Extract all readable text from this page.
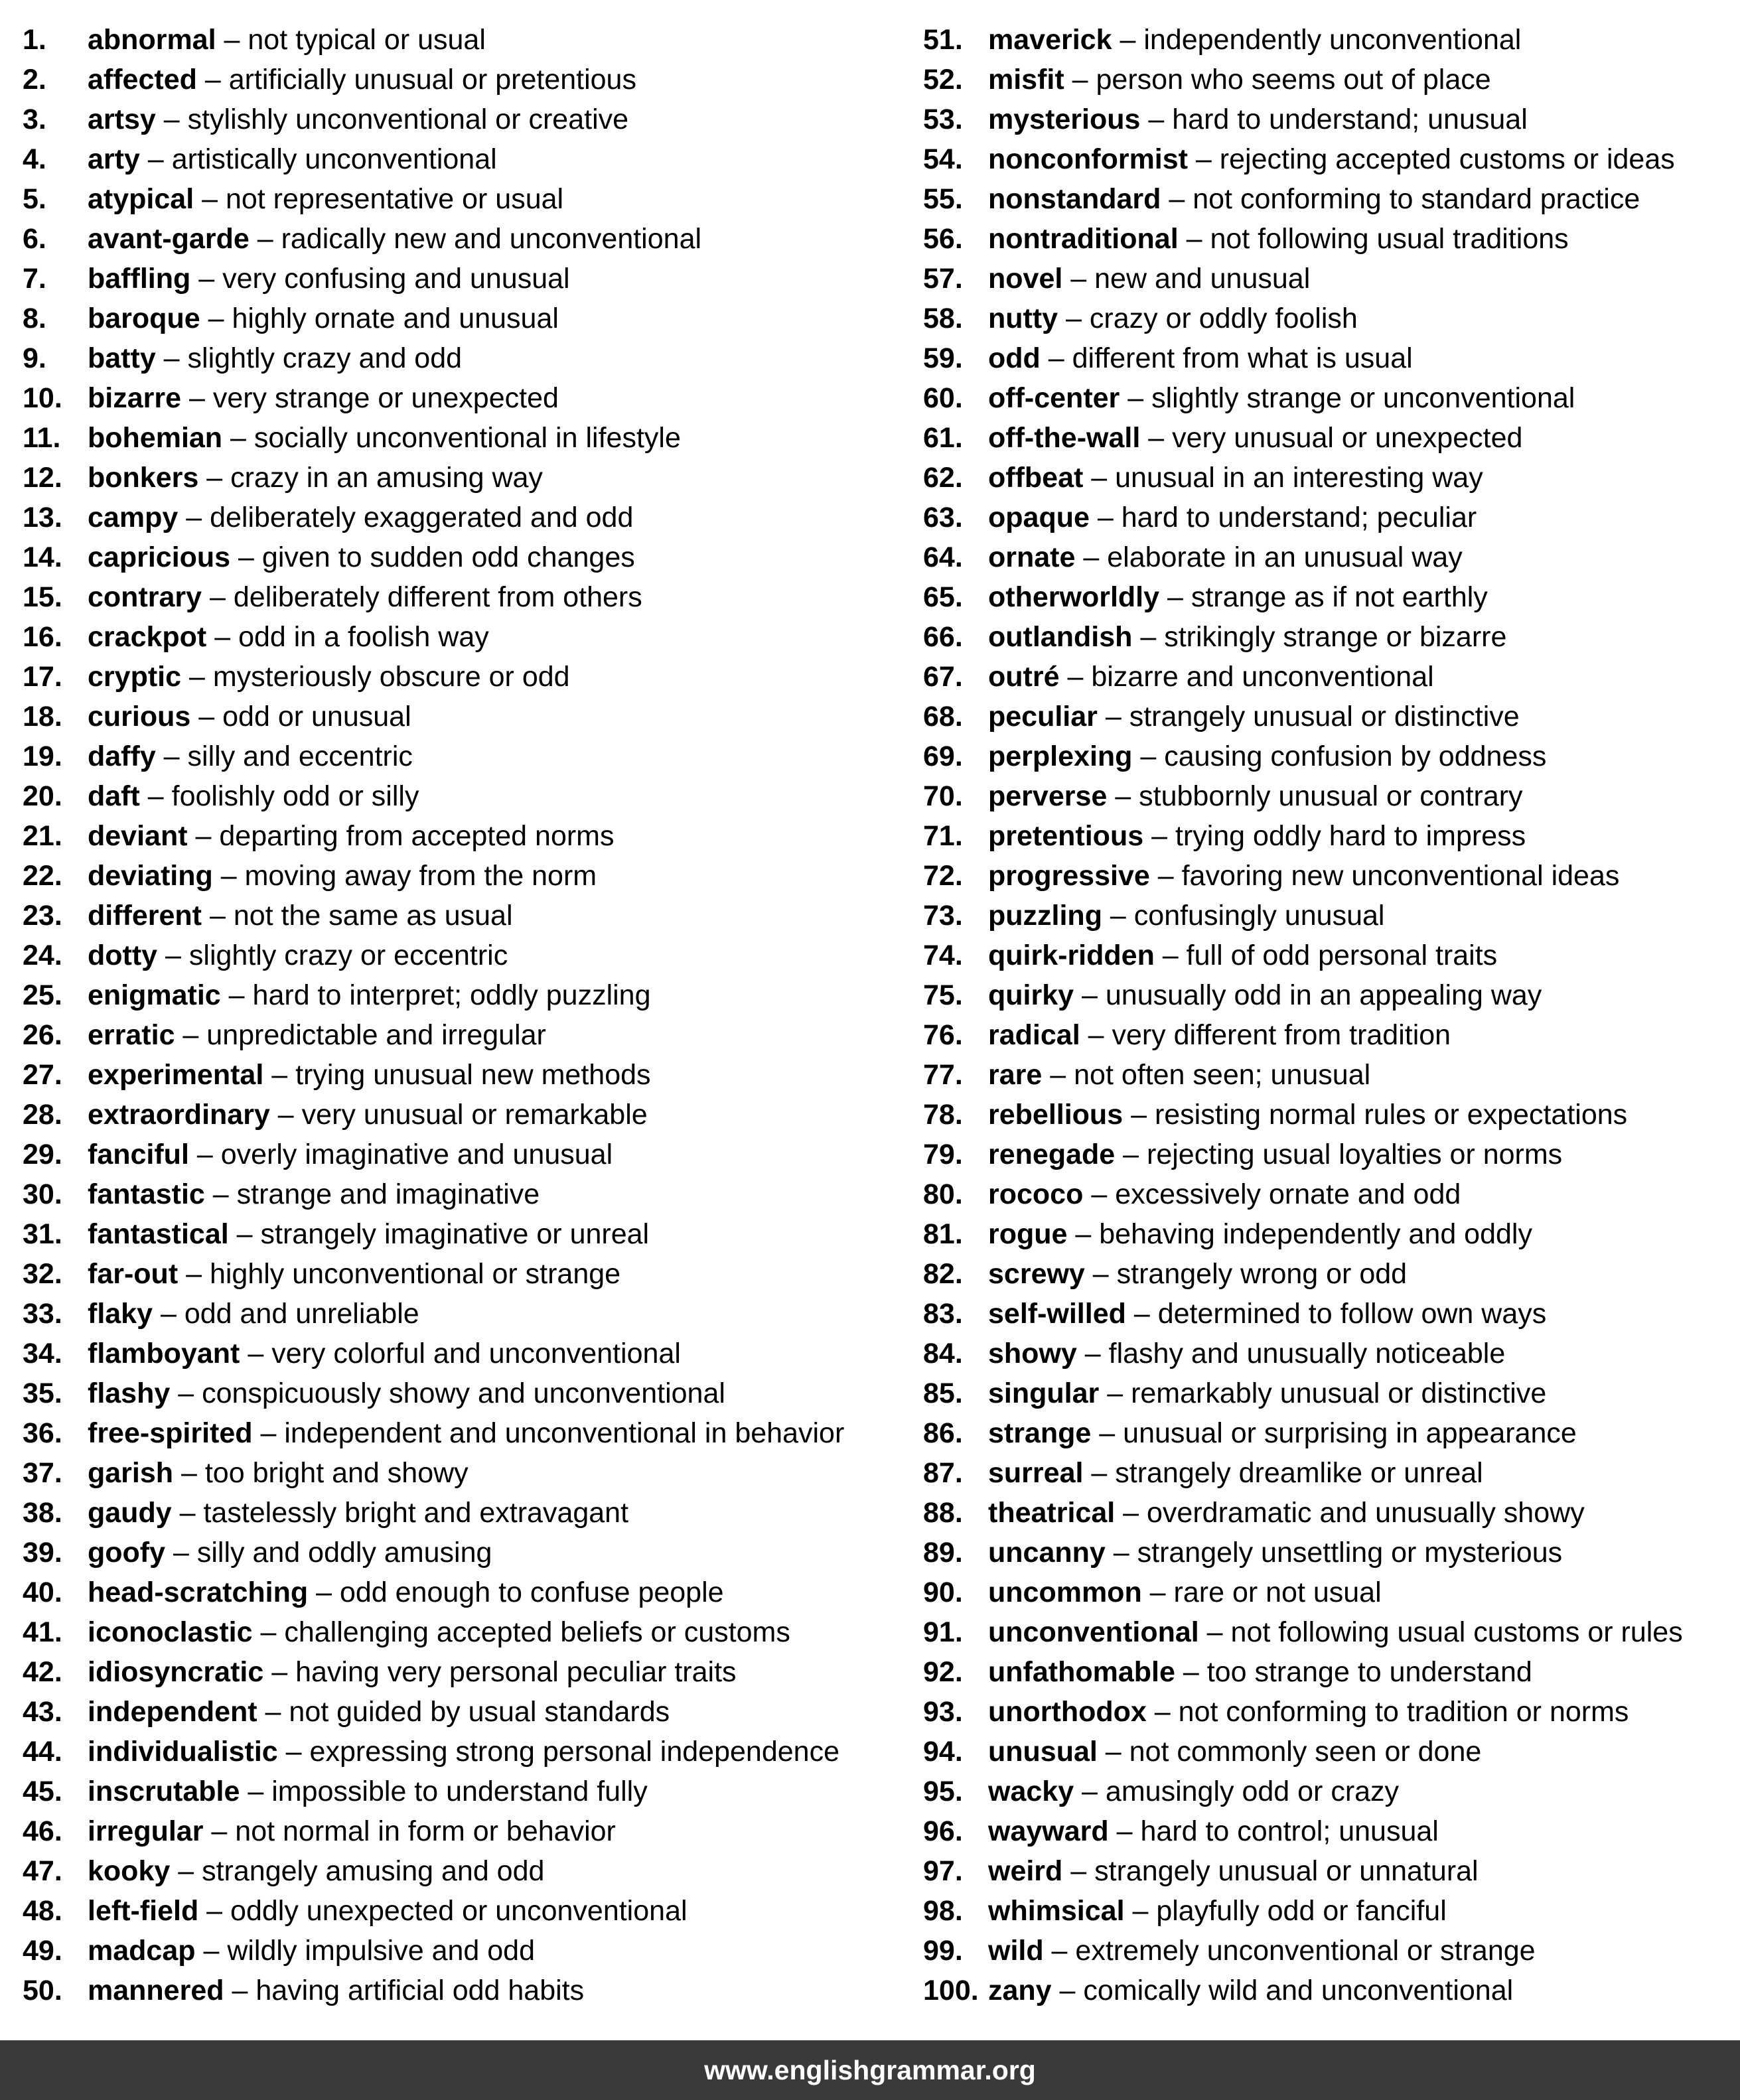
1.	abnormal – not typical or usual
2.	affected – artificially unusual or pretentious
3.	artsy – stylishly unconventional or creative
4.	arty – artistically unconventional
5.	atypical – not representative or usual
6.	avant-garde – radically new and unconventional
7.	baffling – very confusing and unusual
8.	baroque – highly ornate and unusual
9.	batty – slightly crazy and odd
10. bizarre – very strange or unexpected
11. bohemian – socially unconventional in lifestyle
12. bonkers – crazy in an amusing way
13. campy – deliberately exaggerated and odd
14. capricious – given to sudden odd changes
15. contrary – deliberately different from others
16. crackpot – odd in a foolish way
17. cryptic – mysteriously obscure or odd
18. curious – odd or unusual
19. daffy – silly and eccentric
20. daft – foolishly odd or silly
21. deviant – departing from accepted norms
22. deviating – moving away from the norm
23. different – not the same as usual
24. dotty – slightly crazy or eccentric
25. enigmatic – hard to interpret; oddly puzzling
26. erratic – unpredictable and irregular
27. experimental – trying unusual new methods
28. extraordinary – very unusual or remarkable
29. fanciful – overly imaginative and unusual
30. fantastic – strange and imaginative
31. fantastical – strangely imaginative or unreal
32. far-out – highly unconventional or strange
33. flaky – odd and unreliable
34. flamboyant – very colorful and unconventional
35. flashy – conspicuously showy and unconventional
36. free-spirited – independent and unconventional in behavior
37. garish – too bright and showy
38. gaudy – tastelessly bright and extravagant
39. goofy – silly and oddly amusing
40. head-scratching – odd enough to confuse people
41. iconoclastic – challenging accepted beliefs or customs
42. idiosyncratic – having very personal peculiar traits
43. independent – not guided by usual standards
44. individualistic – expressing strong personal independence
45. inscrutable – impossible to understand fully
46. irregular – not normal in form or behavior
47. kooky – strangely amusing and odd
48. left-field – oddly unexpected or unconventional
49. madcap – wildly impulsive and odd
50. mannered – having artificial odd habits
51. maverick – independently unconventional
52. misfit – person who seems out of place
53. mysterious – hard to understand; unusual
54. nonconformist – rejecting accepted customs or ideas
55. nonstandard – not conforming to standard practice
56. nontraditional – not following usual traditions
57. novel – new and unusual
58. nutty – crazy or oddly foolish
59. odd – different from what is usual
60. off-center – slightly strange or unconventional
61. off-the-wall – very unusual or unexpected
62. offbeat – unusual in an interesting way
63. opaque – hard to understand; peculiar
64. ornate – elaborate in an unusual way
65. otherworldly – strange as if not earthly
66. outlandish – strikingly strange or bizarre
67. outré – bizarre and unconventional
68. peculiar – strangely unusual or distinctive
69. perplexing – causing confusion by oddness
70. perverse – stubbornly unusual or contrary
71. pretentious – trying oddly hard to impress
72. progressive – favoring new unconventional ideas
73. puzzling – confusingly unusual
74. quirk-ridden – full of odd personal traits
75. quirky – unusually odd in an appealing way
76. radical – very different from tradition
77. rare – not often seen; unusual
78. rebellious – resisting normal rules or expectations
79. renegade – rejecting usual loyalties or norms
80. rococo – excessively ornate and odd
81. rogue – behaving independently and oddly
82. screwy – strangely wrong or odd
83. self-willed – determined to follow own ways
84. showy – flashy and unusually noticeable
85. singular – remarkably unusual or distinctive
86. strange – unusual or surprising in appearance
87. surreal – strangely dreamlike or unreal
88. theatrical – overdramatic and unusually showy
89. uncanny – strangely unsettling or mysterious
90. uncommon – rare or not usual
91. unconventional – not following usual customs or rules
92. unfathomable – too strange to understand
93. unorthodox – not conforming to tradition or norms
94. unusual – not commonly seen or done
95. wacky – amusingly odd or crazy
96. wayward – hard to control; unusual
97. weird – strangely unusual or unnatural
98. whimsical – playfully odd or fanciful
99. wild – extremely unconventional or strange
100. zany – comically wild and unconventional
www.englishgrammar.org
